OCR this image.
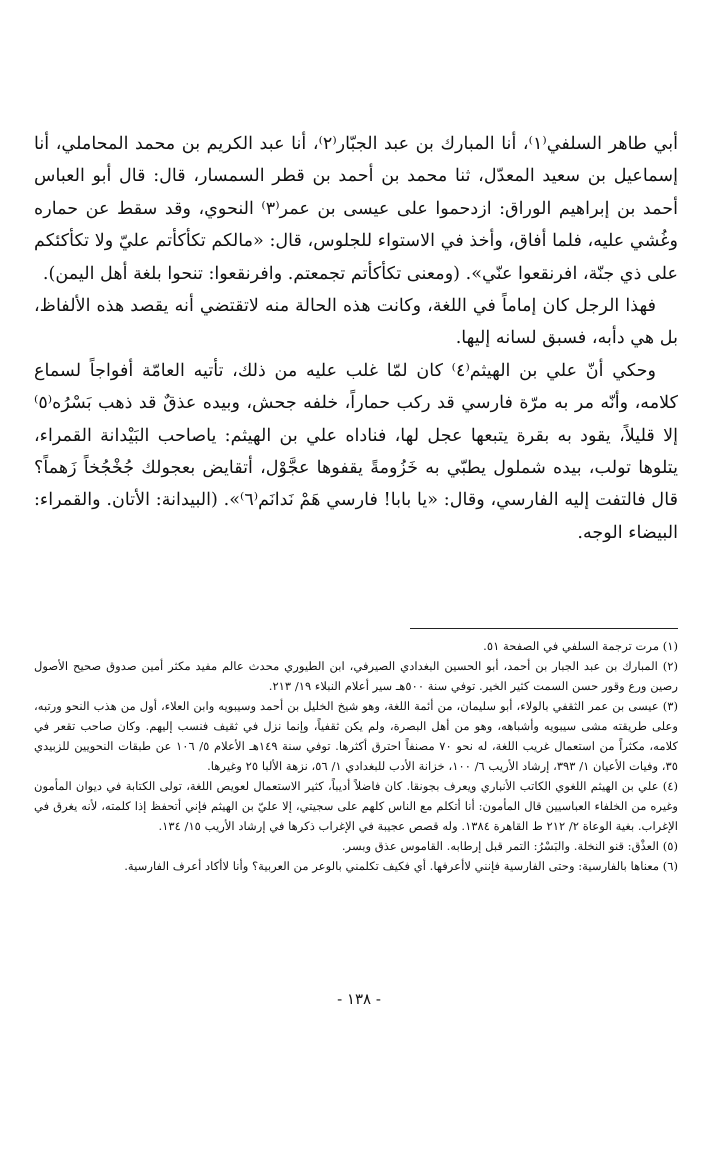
أبي طاهر السلفي⁽١⁾، أنا المبارك بن عبد الجبّار⁽٢⁾، أنا عبد الكريم بن محمد المحاملي، أنا إسماعيل بن سعيد المعدّل، ثنا محمد بن أحمد بن قطر السمسار، قال: قال أبو العباس أحمد بن إبراهيم الوراق: ازدحموا على عيسى بن عمر⁽٣⁾ النحوي، وقد سقط عن حماره وغُشي عليه، فلما أفاق، وأخذ في الاستواء للجلوس، قال: «مالكم تكأكأتم عليّ ولا تكأكئكم على ذي جنّة، افرنقعوا عنّي». (ومعنى تكأكأتم تجمعتم. وافرنقعوا: تنحوا بلغة أهل اليمن).

فهذا الرجل كان إماماً في اللغة، وكانت هذه الحالة منه لاتقتضي أنه يقصد هذه الألفاظ، بل هي دأبه، فسبق لسانه إليها.

وحكي أنّ علي بن الهيثم⁽٤⁾ كان لمّا غلب عليه من ذلك، تأتيه العامّة أفواجاً لسماع كلامه، وأنّه مر به مرّة فارسي قد ركب حماراً، خلفه جحش، وبيده عذقٌ قد ذهب بَسْرُه⁽٥⁾ إلا قليلاً، يقود به بقرة يتبعها عجل لها، فناداه علي بن الهيثم: ياصاحب البَيْدانة القمراء، يتلوها تولب، بيده شملول يطبّي به خَزُومةً يقفوها عجَّوْل، أتقايض بعجولك جُخْجُخاً زَهماً؟ قال فالتفت إليه الفارسي، وقال: «يا بابا! فارسي هَمْ نَدانَم⁽٦⁾». (البيدانة: الأتان. والقمراء: البيضاء الوجه.

(١) مرت ترجمة السلفي في الصفحة ٥١.

(٢) المبارك بن عبد الجبار بن أحمد، أبو الحسين البغدادي الصيرفي، ابن الطيوري محدث عالم مفيد مكثر أمين صدوق صحيح الأصول رصين ورع وقور حسن السمت كثير الخير. توفي سنة ٥٠٠هـ سير أعلام النبلاء ١٩/ ٢١٣.

(٣) عيسى بن عمر الثقفي بالولاء، أبو سليمان، من أئمة اللغة، وهو شيخ الخليل بن أحمد وسيبويه وابن العلاء، أول من هذب النحو ورتبه، وعلى طريقته مشى سيبويه وأشباهه، وهو من أهل البصرة، ولم يكن ثقفياً، وإنما نزل في ثقيف فنسب إليهم. وكان صاحب تقعر في كلامه، مكثراً من استعمال غريب اللغة، له نحو ٧٠ مصنفاً احترق أكثرها. توفي سنة ١٤٩هـ الأعلام ٥/ ١٠٦ عن طبقات النحويين للزبيدي ٣٥، وفيات الأعيان ١/ ٣٩٣، إرشاد الأريب ٦/ ١٠٠، خزانة الأدب للبغدادي ١/ ٥٦، نزهة الألبا ٢٥ وغيرها.

(٤) علي بن الهيثم اللغوي الكاتب الأنباري ويعرف بجونقا. كان فاضلاً أديباً، كثير الاستعمال لعويص اللغة، تولى الكتابة في ديوان المأمون وغيره من الخلفاء العباسيين قال المأمون: أنا أتكلم مع الناس كلهم على سجيتي، إلا عليّ بن الهيثم فإني أتحفظ إذا كلمته، لأنه يغرق في الإغراب. بغية الوعاة ٢/ ٢١٢ ط القاهرة ١٣٨٤. وله قصص عجيبة في الإغراب ذكرها في إرشاد الأريب ١٥/ ١٣٤.

(٥) العذْق: قنو النخلة. والبَسْرُ: التمر قبل إرطابه. القاموس عذق وبسر.

(٦) معناها بالفارسية: وحتى الفارسية فإنني لاأعرفها. أي فكيف تكلمني بالوعر من العربية؟ وأنا لاأكاد أعرف الفارسية.

- ١٣٨ -
